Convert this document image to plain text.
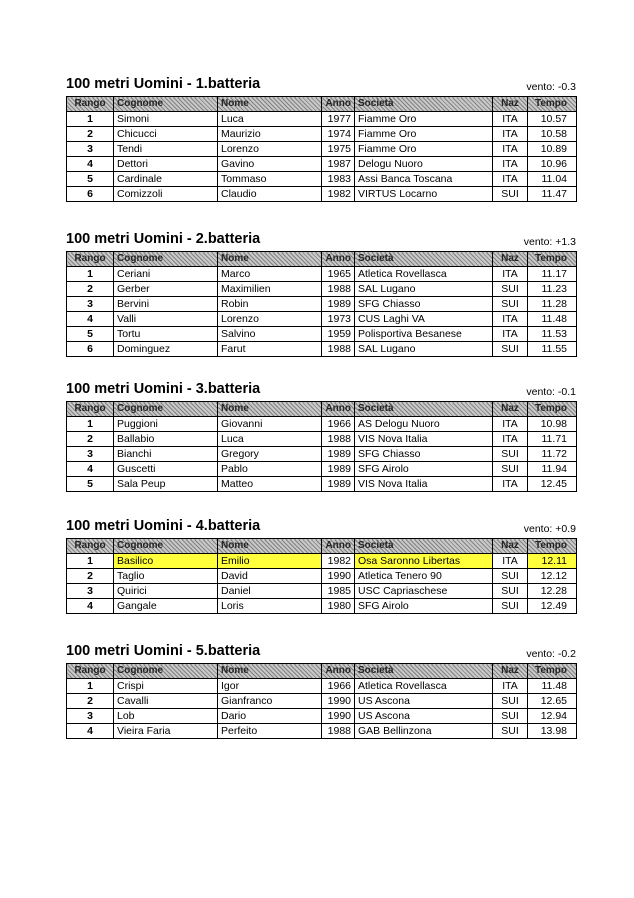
100 metri Uomini - 1.batteria	vento: -0.3
Rango	Cognome	Nome	Anno	Società	Naz	Tempo
1	Simoni	Luca	1977	Fiamme Oro	ITA	10.57
2	Chicucci	Maurizio	1974	Fiamme Oro	ITA	10.58
3	Tendi	Lorenzo	1975	Fiamme Oro	ITA	10.89
4	Dettori	Gavino	1987	Delogu Nuoro	ITA	10.96
5	Cardinale	Tommaso	1983	Assi Banca Toscana	ITA	11.04
6	Comizzoli	Claudio	1982	VIRTUS Locarno	SUI	11.47
100 metri Uomini - 2.batteria	vento: +1.3
Rango	Cognome	Nome	Anno	Società	Naz	Tempo
1	Ceriani	Marco	1965	Atletica Rovellasca	ITA	11.17
2	Gerber	Maximilien	1988	SAL Lugano	SUI	11.23
3	Bervini	Robin	1989	SFG Chiasso	SUI	11.28
4	Valli	Lorenzo	1973	CUS Laghi VA	ITA	11.48
5	Tortu	Salvino	1959	Polisportiva Besanese	ITA	11.53
6	Dominguez	Farut	1988	SAL Lugano	SUI	11.55
100 metri Uomini - 3.batteria	vento: -0.1
Rango	Cognome	Nome	Anno	Società	Naz	Tempo
1	Puggioni	Giovanni	1966	AS Delogu Nuoro	ITA	10.98
2	Ballabio	Luca	1988	VIS Nova Italia	ITA	11.71
3	Bianchi	Gregory	1989	SFG Chiasso	SUI	11.72
4	Guscetti	Pablo	1989	SFG Airolo	SUI	11.94
5	Sala Peup	Matteo	1989	VIS Nova Italia	ITA	12.45
100 metri Uomini - 4.batteria	vento: +0.9
Rango	Cognome	Nome	Anno	Società	Naz	Tempo
1	Basilico	Emilio	1982	Osa Saronno Libertas	ITA	12.11
2	Taglio	David	1990	Atletica Tenero 90	SUI	12.12
3	Quirici	Daniel	1985	USC Capriaschese	SUI	12.28
4	Gangale	Loris	1980	SFG Airolo	SUI	12.49
100 metri Uomini - 5.batteria	vento: -0.2
Rango	Cognome	Nome	Anno	Società	Naz	Tempo
1	Crispi	Igor	1966	Atletica Rovellasca	ITA	11.48
2	Cavalli	Gianfranco	1990	US Ascona	SUI	12.65
3	Lob	Dario	1990	US Ascona	SUI	12.94
4	Vieira Faria	Perfeito	1988	GAB Bellinzona	SUI	13.98
